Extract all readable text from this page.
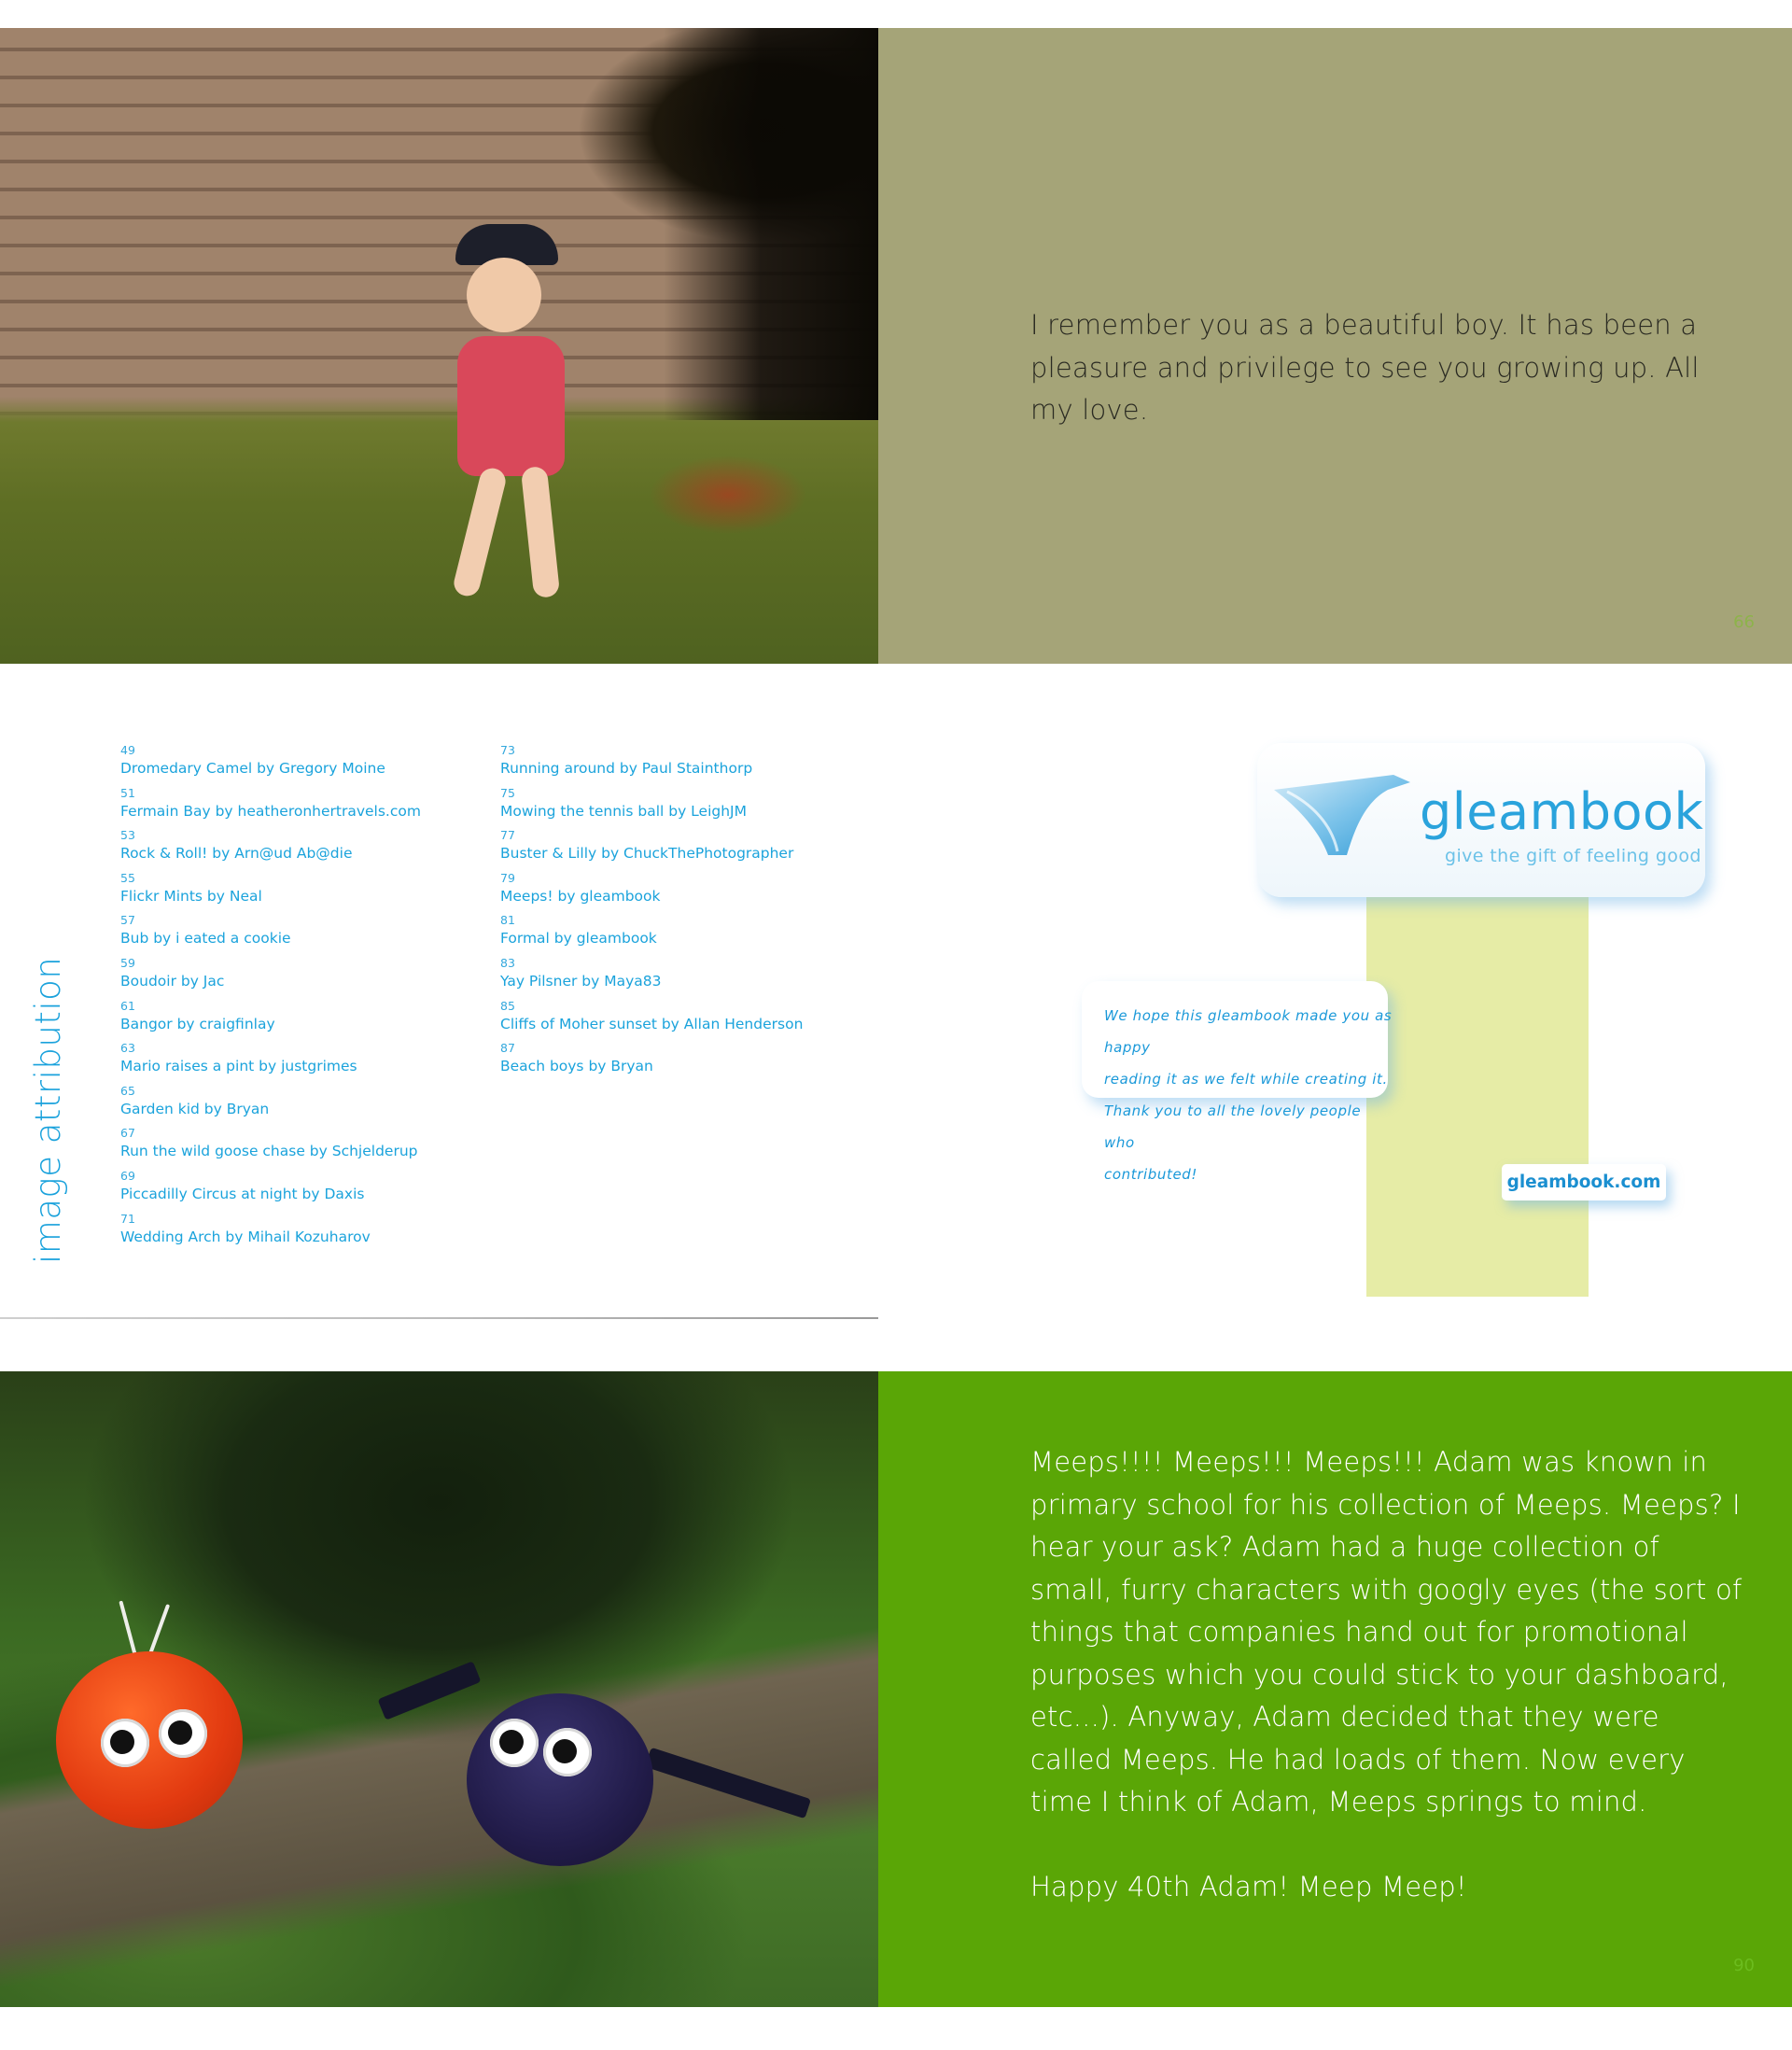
I remember you as a beautiful boy. It has been a pleasure and privilege to see you growing up. All my love.

66
image attribution
49
Dromedary Camel by Gregory Moine
51
Fermain Bay by heatheronhertravels.com
53
Rock & Roll! by Arn@ud Ab@die
55
Flickr Mints by Neal
57
Bub by i eated a cookie
59
Boudoir by Jac
61
Bangor by craigfinlay
63
Mario raises a pint by justgrimes
65
Garden kid by Bryan
67
Run the wild goose chase by Schjelderup
69
Piccadilly Circus at night by Daxis
71
Wedding Arch by Mihail Kozuharov
73
Running around by Paul Stainthorp
75
Mowing the tennis ball by LeighJM
77
Buster & Lilly by ChuckThePhotographer
79
Meeps! by gleambook
81
Formal by gleambook
83
Yay Pilsner by Maya83
85
Cliffs of Moher sunset by Allan Henderson
87
Beach boys by Bryan
gleambook
give the gift of feeling good
We hope this gleambook made you as happy
reading it as we felt while creating it.
Thank you to all the lovely people who
contributed!	gleambook.com

Meeps!!!! Meeps!!! Meeps!!! Adam was known in primary school for his collection of Meeps. Meeps? I hear your ask? Adam had a huge collection of small, furry characters with googly eyes (the sort of things that companies hand out for promotional purposes which you could stick to your dashboard, etc...). Anyway, Adam decided that they were called Meeps. He had loads of them. Now every time I think of Adam, Meeps springs to mind.

Happy 40th Adam! Meep Meep!

90
